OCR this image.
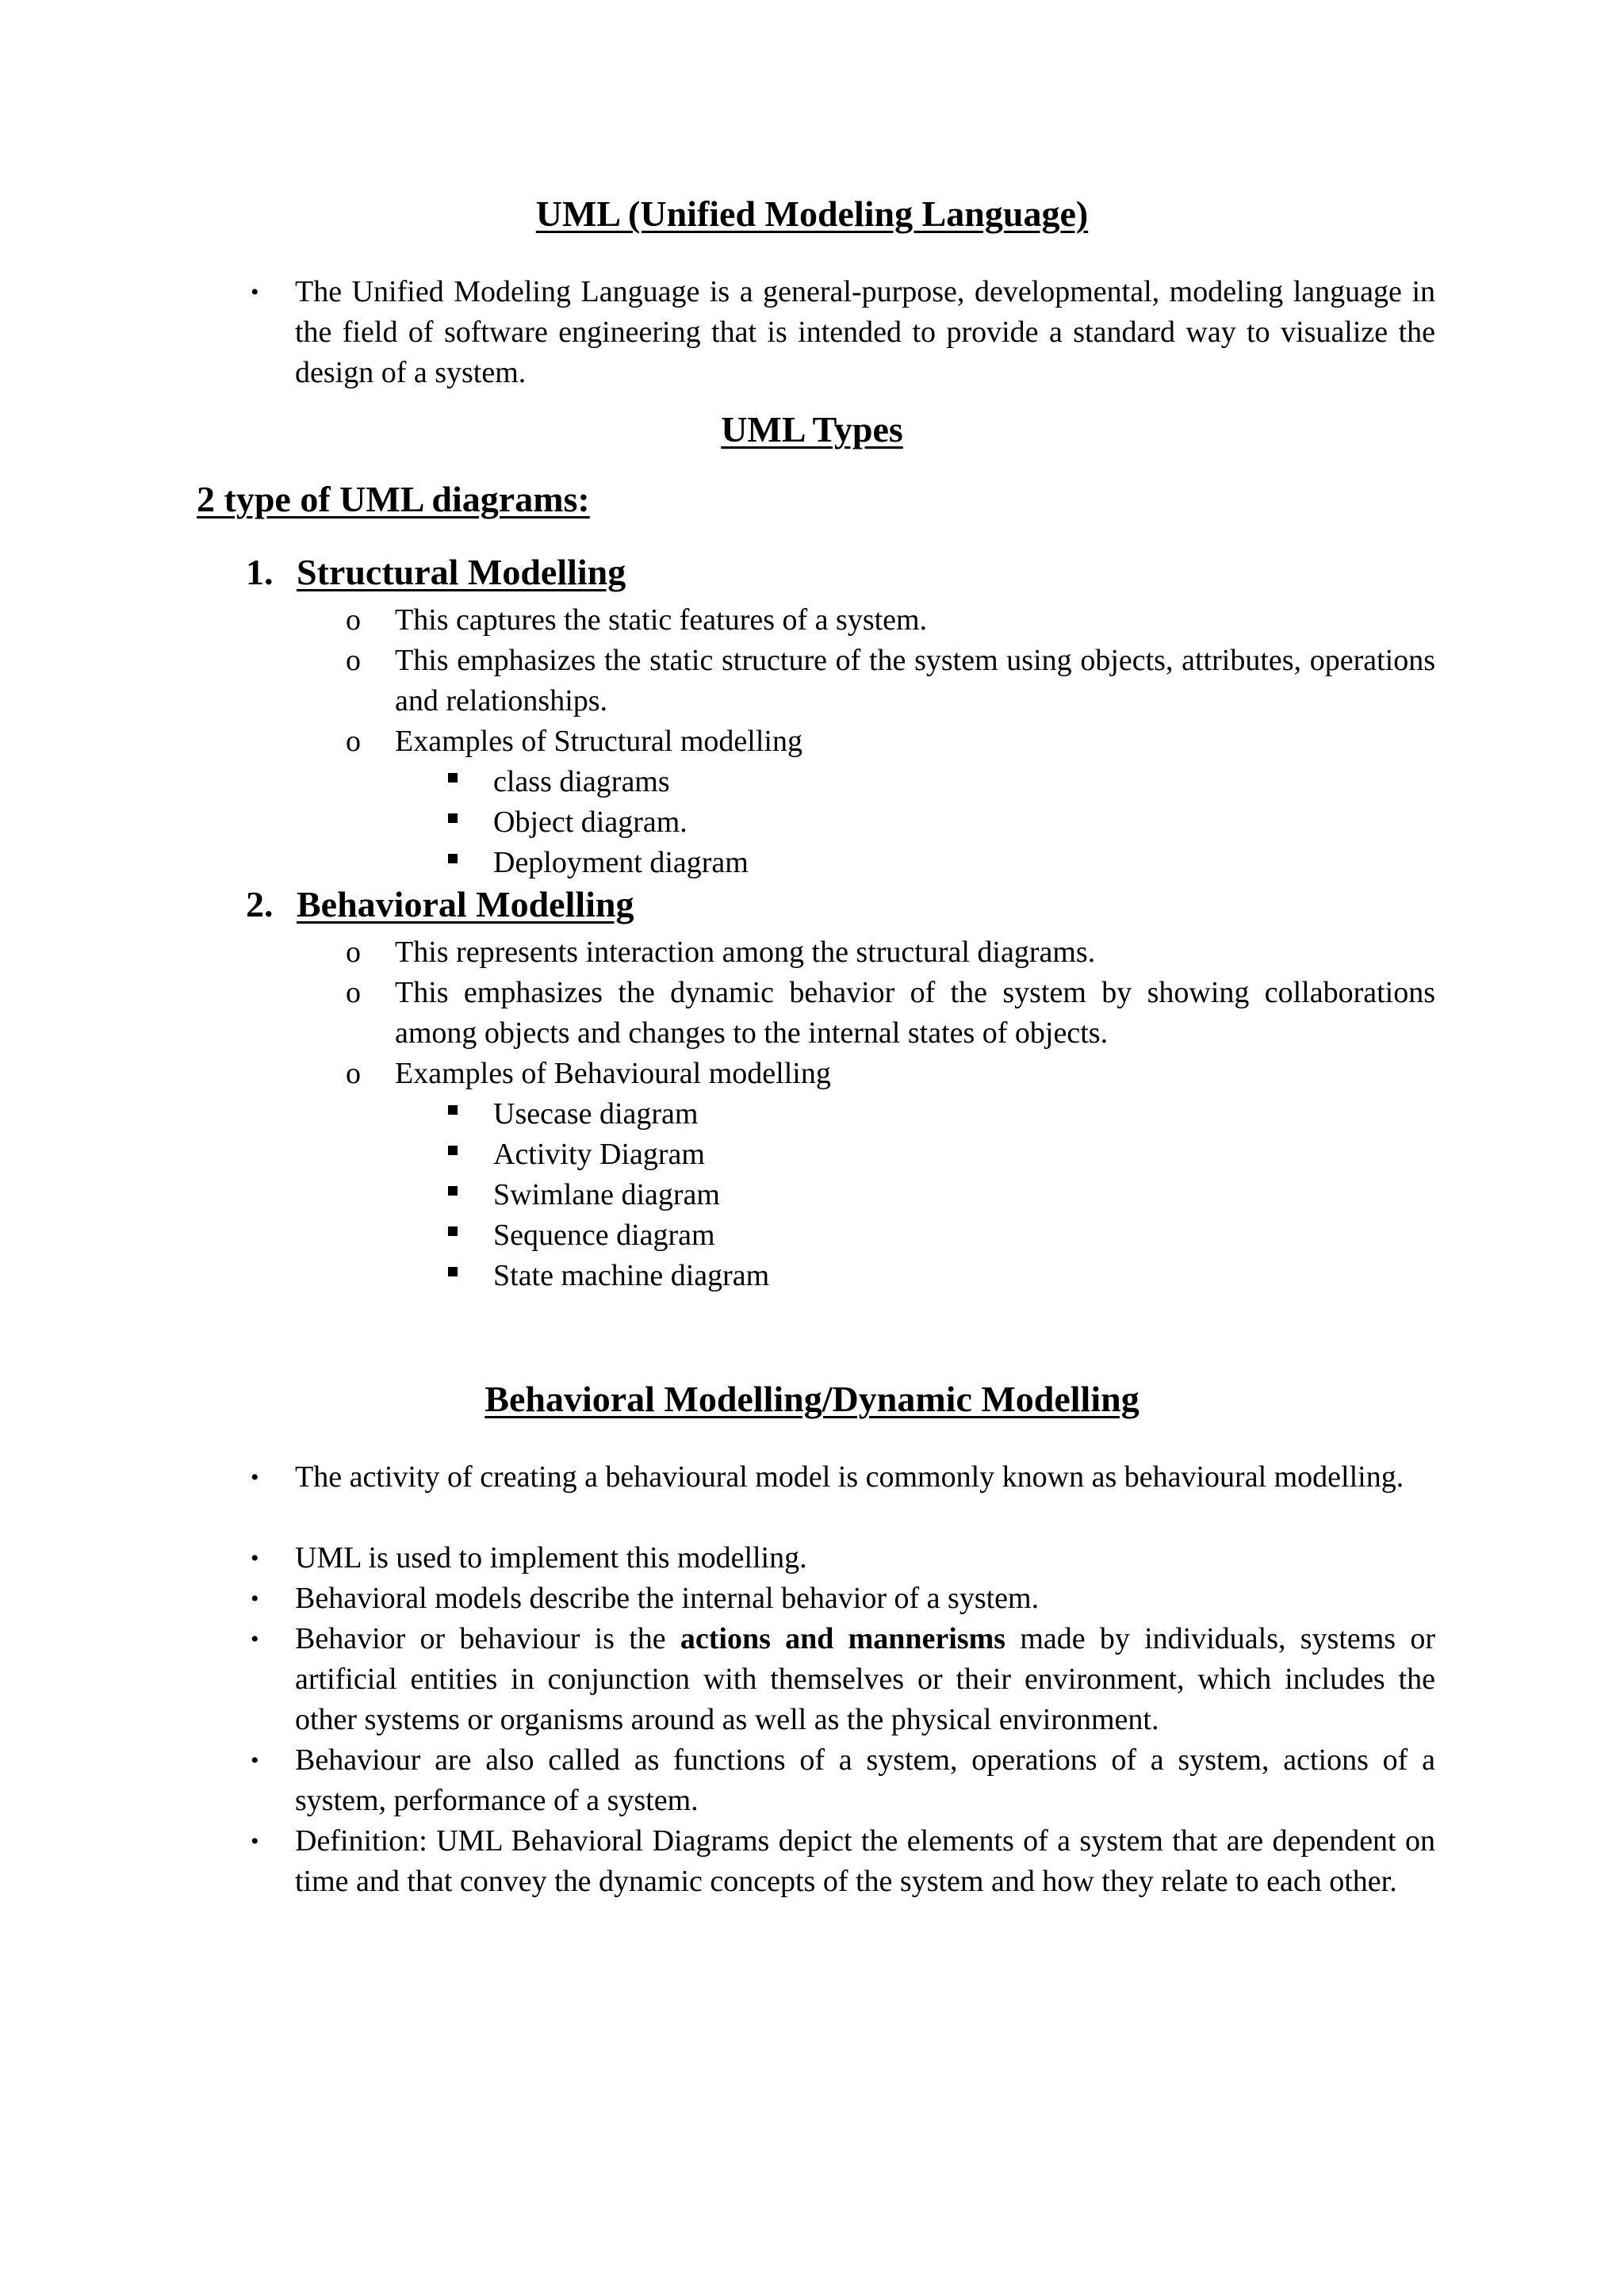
UML (Unified Modeling Language)
• The Unified Modeling Language is a general-purpose, developmental, modeling language in the field of software engineering that is intended to provide a standard way to visualize the design of a system.
UML Types
2 type of UML diagrams:
1. Structural Modelling
o This captures the static features of a system.
o This emphasizes the static structure of the system using objects, attributes, operations and relationships.
o Examples of Structural modelling
class diagrams
Object diagram.
Deployment diagram
2. Behavioral Modelling
o This represents interaction among the structural diagrams.
o This emphasizes the dynamic behavior of the system by showing collaborations among objects and changes to the internal states of objects.
o Examples of Behavioural modelling
Usecase diagram
Activity Diagram
Swimlane diagram
Sequence diagram
State machine diagram
Behavioral Modelling/Dynamic Modelling
• The activity of creating a behavioural model is commonly known as behavioural modelling.
• UML is used to implement this modelling.
• Behavioral models describe the internal behavior of a system.
• Behavior or behaviour is the actions and mannerisms made by individuals, systems or artificial entities in conjunction with themselves or their environment, which includes the other systems or organisms around as well as the physical environment.
• Behaviour are also called as functions of a system, operations of a system, actions of a system, performance of a system.
• Definition: UML Behavioral Diagrams depict the elements of a system that are dependent on time and that convey the dynamic concepts of the system and how they relate to each other.
